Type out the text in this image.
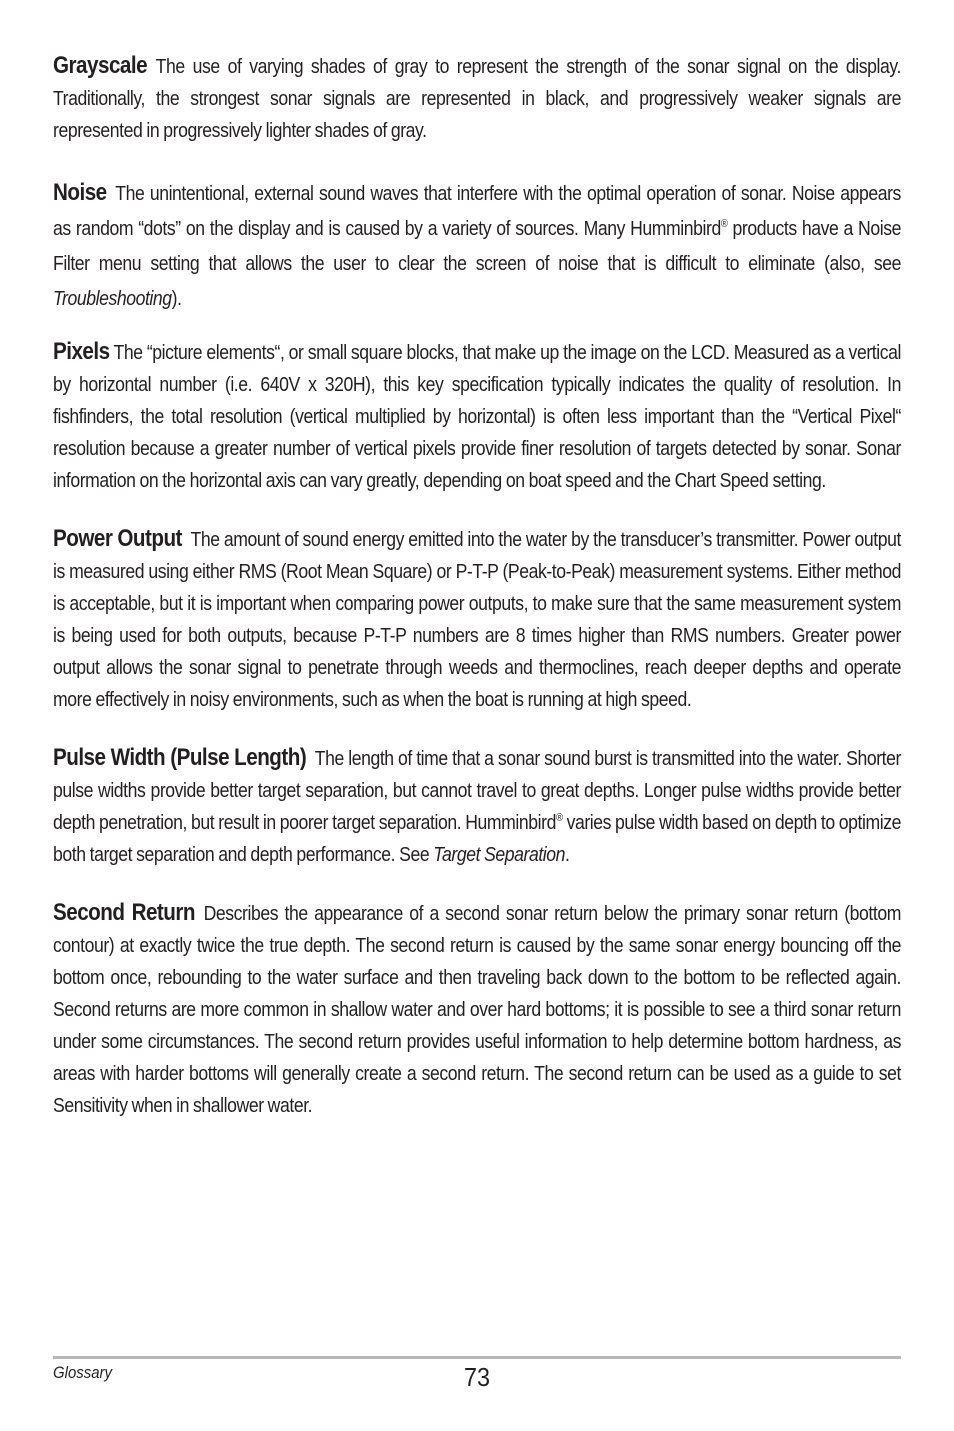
Grayscale The use of varying shades of gray to represent the strength of the sonar signal on the display. Traditionally, the strongest sonar signals are represented in black, and progressively weaker signals are represented in progressively lighter shades of gray.

Noise The unintentional, external sound waves that interfere with the optimal operation of sonar. Noise appears as random “dots” on the display and is caused by a variety of sources. Many Humminbird® products have a Noise Filter menu setting that allows the user to clear the screen of noise that is difficult to eliminate (also, see Troubleshooting).

Pixels The “picture elements“, or small square blocks, that make up the image on the LCD. Measured as a vertical by horizontal number (i.e. 640V x 320H), this key specification typically indicates the quality of resolution. In fishfinders, the total resolution (vertical multiplied by horizontal) is often less important than the “Vertical Pixel“ resolution because a greater number of vertical pixels provide finer resolution of targets detected by sonar. Sonar information on the horizontal axis can vary greatly, depending on boat speed and the Chart Speed setting.

Power Output The amount of sound energy emitted into the water by the transducer’s transmitter. Power output is measured using either RMS (Root Mean Square) or P-T-P (Peak-to-Peak) measurement systems. Either method is acceptable, but it is important when comparing power outputs, to make sure that the same measurement system is being used for both outputs, because P-T-P numbers are 8 times higher than RMS numbers. Greater power output allows the sonar signal to penetrate through weeds and thermoclines, reach deeper depths and operate more effectively in noisy environments, such as when the boat is running at high speed.

Pulse Width (Pulse Length) The length of time that a sonar sound burst is transmitted into the water. Shorter pulse widths provide better target separation, but cannot travel to great depths. Longer pulse widths provide better depth penetration, but result in poorer target separation. Humminbird® varies pulse width based on depth to optimize both target separation and depth performance. See Target Separation.

Second Return Describes the appearance of a second sonar return below the primary sonar return (bottom contour) at exactly twice the true depth. The second return is caused by the same sonar energy bouncing off the bottom once, rebounding to the water surface and then traveling back down to the bottom to be reflected again. Second returns are more common in shallow water and over hard bottoms; it is possible to see a third sonar return under some circumstances. The second return provides useful information to help determine bottom hardness, as areas with harder bottoms will generally create a second return. The second return can be used as a guide to set Sensitivity when in shallower water.

Glossary	73
